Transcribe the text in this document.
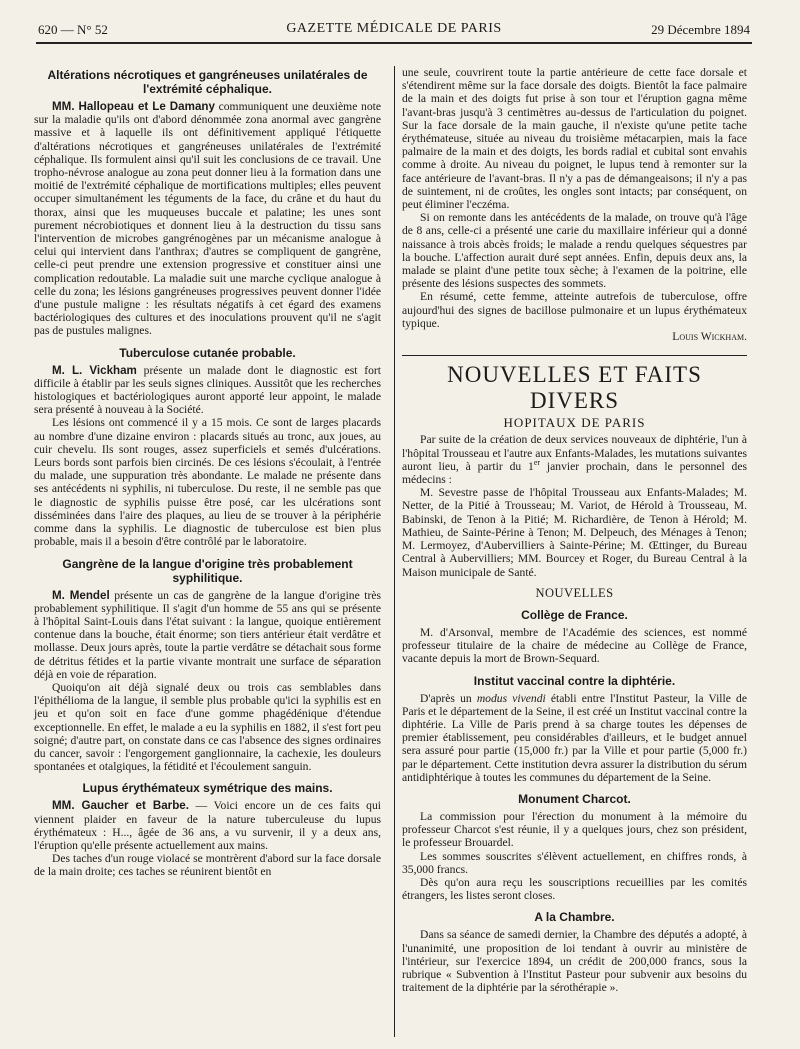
620 — N° 52	GAZETTE MÉDICALE DE PARIS	29 Décembre 1894
Altérations nécrotiques et gangréneuses unilatérales de l'extrémité céphalique.

MM. Hallopeau et Le Damany communiquent une deuxième note sur la maladie qu'ils ont d'abord dénommée zona anormal avec gangrène massive et à laquelle ils ont définitivement appliqué l'étiquette d'altérations nécrotiques et gangréneuses unilatérales de l'extrémité céphalique. Ils formulent ainsi qu'il suit les conclusions de ce travail. Une tropho-névrose analogue au zona peut donner lieu à la formation dans une moitié de l'extrémité céphalique de mortifications multiples; elles peuvent occuper simultanément les téguments de la face, du crâne et du haut du thorax, ainsi que les muqueuses buccale et palatine; les unes sont purement nécrobiotiques et donnent lieu à la destruction du tissu sans l'intervention de microbes gangrénogènes par un mécanisme analogue à celui qui intervient dans l'anthrax; d'autres se compliquent de gangrène, celle-ci peut prendre une extension progressive et constituer ainsi une complication redoutable. La maladie suit une marche cyclique analogue à celle du zona; les lésions gangréneuses progressives peuvent donner l'idée d'une pustule maligne : les résultats négatifs à cet égard des examens bactériologiques des cultures et des inoculations prouvent qu'il ne s'agit pas de pustules malignes.

Tuberculose cutanée probable.

M. L. Vickham présente un malade dont le diagnostic est fort difficile à établir par les seuls signes cliniques. Aussitôt que les recherches histologiques et bactériologiques auront apporté leur appoint, le malade sera présenté à nouveau à la Société.

Les lésions ont commencé il y a 15 mois. Ce sont de larges placards au nombre d'une dizaine environ : placards situés au tronc, aux joues, au cuir chevelu. Ils sont rouges, assez superficiels et semés d'ulcérations. Leurs bords sont parfois bien circinés. De ces lésions s'écoulait, à l'entrée du malade, une suppuration très abondante. Le malade ne présente dans ses antécédents ni syphilis, ni tuberculose. Du reste, il ne semble pas que le diagnostic de syphilis puisse être posé, car les ulcérations sont disséminées dans l'aire des plaques, au lieu de se trouver à la périphérie comme dans la syphilis. Le diagnostic de tuberculose est bien plus probable, mais il a besoin d'être contrôlé par le laboratoire.

Gangrène de la langue d'origine très probablement syphilitique.

M. Mendel présente un cas de gangrène de la langue d'origine très probablement syphilitique. Il s'agit d'un homme de 55 ans qui se présente à l'hôpital Saint-Louis dans l'état suivant : la langue, quoique entièrement contenue dans la bouche, était énorme; son tiers antérieur était verdâtre et mollasse. Deux jours après, toute la partie verdâtre se détachait sous forme de détritus fétides et la partie vivante montrait une surface de séparation déjà en voie de réparation.

Quoiqu'on ait déjà signalé deux ou trois cas semblables dans l'épithélioma de la langue, il semble plus probable qu'ici la syphilis est en jeu et qu'on soit en face d'une gomme phagédénique d'étendue exceptionnelle. En effet, le malade a eu la syphilis en 1882, il s'est fort peu soigné; d'autre part, on constate dans ce cas l'absence des signes ordinaires du cancer, savoir : l'engorgement ganglionnaire, la cachexie, les douleurs spontanées et otalgiques, la fétidité et l'écoulement sanguin.

Lupus érythémateux symétrique des mains.

MM. Gaucher et Barbe. — Voici encore un de ces faits qui viennent plaider en faveur de la nature tuberculeuse du lupus érythémateux : H..., âgée de 36 ans, a vu survenir, il y a deux ans, l'éruption qu'elle présente actuellement aux mains.

Des taches d'un rouge violacé se montrèrent d'abord sur la face dorsale de la main droite; ces taches se réunirent bientôt en

une seule, couvrirent toute la partie antérieure de cette face dorsale et s'étendirent même sur la face dorsale des doigts. Bientôt la face palmaire de la main et des doigts fut prise à son tour et l'éruption gagna même l'avant-bras jusqu'à 3 centimètres au-dessus de l'articulation du poignet. Sur la face dorsale de la main gauche, il n'existe qu'une petite tache érythémateuse, située au niveau du troisième métacarpien, mais la face palmaire de la main et des doigts, les bords radial et cubital sont envahis comme à droite. Au niveau du poignet, le lupus tend à remonter sur la face antérieure de l'avant-bras. Il n'y a pas de démangeaisons; il n'y a pas de suintement, ni de croûtes, les ongles sont intacts; par conséquent, on peut éliminer l'eczéma.

Si on remonte dans les antécédents de la malade, on trouve qu'à l'âge de 8 ans, celle-ci a présenté une carie du maxillaire inférieur qui a donné naissance à trois abcès froids; le malade a rendu quelques séquestres par la bouche. L'affection aurait duré sept années. Enfin, depuis deux ans, la malade se plaint d'une petite toux sèche; à l'examen de la poitrine, elle présente des lésions suspectes des sommets.

En résumé, cette femme, atteinte autrefois de tuberculose, offre aujourd'hui des signes de bacillose pulmonaire et un lupus érythémateux typique.

Louis Wickham.

NOUVELLES ET FAITS DIVERS
HOPITAUX DE PARIS

Par suite de la création de deux services nouveaux de diphtérie, l'un à l'hôpital Trousseau et l'autre aux Enfants-Malades, les mutations suivantes auront lieu, à partir du 1er janvier prochain, dans le personnel des médecins :

M. Sevestre passe de l'hôpital Trousseau aux Enfants-Malades; M. Netter, de la Pitié à Trousseau; M. Variot, de Hérold à Trousseau, M. Babinski, de Tenon à la Pitié; M. Richardière, de Tenon à Hérold; M. Mathieu, de Sainte-Périne à Tenon; M. Delpeuch, des Ménages à Tenon; M. Lermoyez, d'Aubervilliers à Sainte-Périne; M. Œttinger, du Bureau Central à Aubervilliers; MM. Bourcey et Roger, du Bureau Central à la Maison municipale de Santé.

NOUVELLES
Collège de France.

M. d'Arsonval, membre de l'Académie des sciences, est nommé professeur titulaire de la chaire de médecine au Collège de France, vacante depuis la mort de Brown-Sequard.

Institut vaccinal contre la diphtérie.

D'après un modus vivendi établi entre l'Institut Pasteur, la Ville de Paris et le département de la Seine, il est créé un Institut vaccinal contre la diphtérie. La Ville de Paris prend à sa charge toutes les dépenses de premier établissement, peu considérables d'ailleurs, et le budget annuel sera assuré pour partie (15,000 fr.) par la Ville et pour partie (5,000 fr.) par le département. Cette institution devra assurer la distribution du sérum antidiphtérique à toutes les communes du département de la Seine.

Monument Charcot.

La commission pour l'érection du monument à la mémoire du professeur Charcot s'est réunie, il y a quelques jours, chez son président, le professeur Brouardel.

Les sommes souscrites s'élèvent actuellement, en chiffres ronds, à 35,000 francs.

Dès qu'on aura reçu les souscriptions recueillies par les comités étrangers, les listes seront closes.

A la Chambre.

Dans sa séance de samedi dernier, la Chambre des députés a adopté, à l'unanimité, une proposition de loi tendant à ouvrir au ministère de l'intérieur, sur l'exercice 1894, un crédit de 200,000 francs, sous la rubrique « Subvention à l'Institut Pasteur pour subvenir aux besoins du traitement de la diphtérie par la sérothérapie ».
